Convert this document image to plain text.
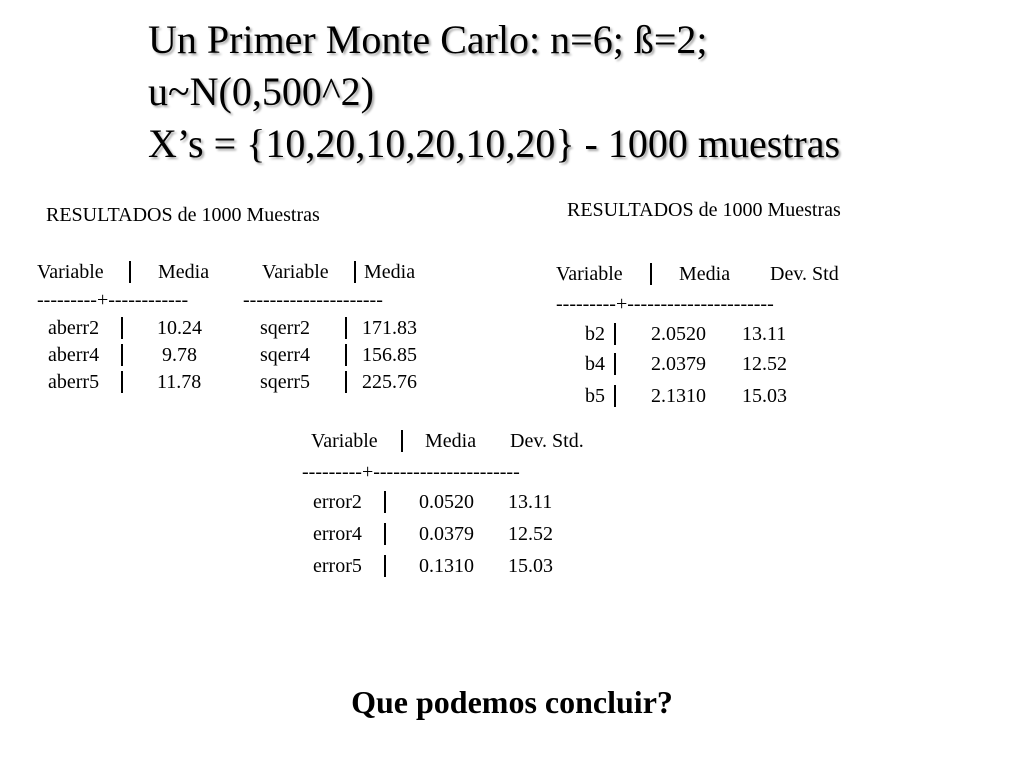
Un Primer Monte Carlo: n=6; ß=2;
u~N(0,500^2)
X’s = {10,20,10,20,10,20} - 1000 muestras
RESULTADOS de 1000 Muestras
Variable	Media	Variable Media
---------+------------	---------------------
aberr2	10.24	sqerr2	171.83
aberr4	9.78	sqerr4	156.85
aberr5	11.78	sqerr5	225.76
RESULTADOS de 1000 Muestras
Variable	Media Dev. Std
---------+----------------------
b2 2.0520 13.11
b4 2.0379 12.52
b5 2.1310 15.03
Variable Media Dev. Std.
---------+----------------------
error2	0.0520 13.11
error4	0.0379 12.52
error5	0.1310 15.03
Que podemos concluir?
